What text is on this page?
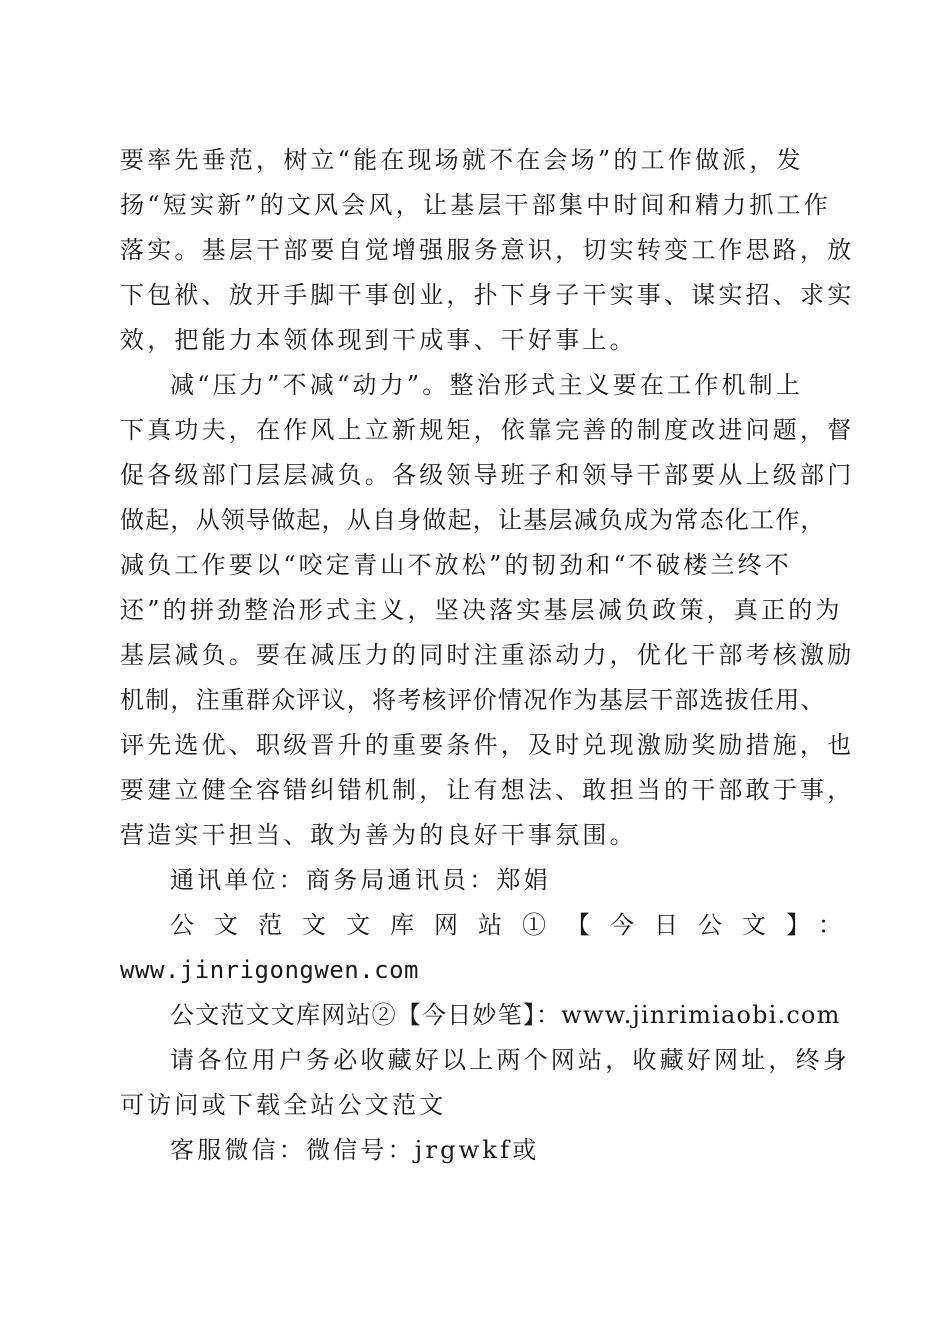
要率先垂范，树立“能在现场就不在会场”的工作做派，发
扬“短实新”的文风会风，让基层干部集中时间和精力抓工作
落实。基层干部要自觉增强服务意识，切实转变工作思路，放
下包袱、放开手脚干事创业，扑下身子干实事、谋实招、求实
效，把能力本领体现到干成事、干好事上。
减“压力”不减“动力”。整治形式主义要在工作机制上
下真功夫，在作风上立新规矩，依靠完善的制度改进问题，督
促各级部门层层减负。各级领导班子和领导干部要从上级部门
做起，从领导做起，从自身做起，让基层减负成为常态化工作，
减负工作要以“咬定青山不放松”的韧劲和“不破楼兰终不
还”的拼劲整治形式主义，坚决落实基层减负政策，真正的为
基层减负。要在减压力的同时注重添动力，优化干部考核激励
机制，注重群众评议，将考核评价情况作为基层干部选拔任用、
评先选优、职级晋升的重要条件，及时兑现激励奖励措施，也
要建立健全容错纠错机制，让有想法、敢担当的干部敢于事，
营造实干担当、敢为善为的良好干事氛围。
通讯单位：商务局通讯员：郑娟
公文范文文库网站①【今日公文】：
www.jinrigongwen.com
公文范文文库网站②【今日妙笔】：www.jinrimiaobi.com
请各位用户务必收藏好以上两个网站，收藏好网址，终身
可访问或下载全站公文范文
客服微信：微信号：jrgwkf或
